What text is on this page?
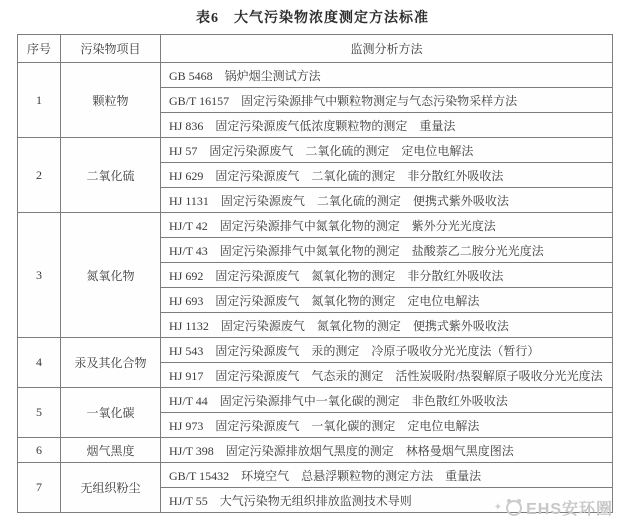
表6　大气污染物浓度测定方法标准
序号	污染物项目	监测分析方法
1	颗粒物	GB 5468　锅炉烟尘测试方法
		GB/T 16157　固定污染源排气中颗粒物测定与气态污染物采样方法
		HJ 836　固定污染源废气低浓度颗粒物的测定　重量法
2	二氧化硫	HJ 57　固定污染源废气　二氧化硫的测定　定电位电解法
		HJ 629　固定污染源废气　二氧化硫的测定　非分散红外吸收法
		HJ 1131　固定污染源废气　二氧化硫的测定　便携式紫外吸收法
3	氮氧化物	HJ/T 42　固定污染源排气中氮氧化物的测定　紫外分光光度法
		HJ/T 43　固定污染源排气中氮氧化物的测定　盐酸萘乙二胺分光光度法
		HJ 692　固定污染源废气　氮氧化物的测定　非分散红外吸收法
		HJ 693　固定污染源废气　氮氧化物的测定　定电位电解法
		HJ 1132　固定污染源废气　氮氧化物的测定　便携式紫外吸收法
4	汞及其化合物	HJ 543　固定污染源废气　汞的测定　冷原子吸收分光光度法（暂行）
		HJ 917　固定污染源废气　气态汞的测定　活性炭吸附/热裂解原子吸收分光光度法
5	一氧化碳	HJ/T 44　固定污染源排气中一氧化碳的测定　非色散红外吸收法
		HJ 973　固定污染源废气　一氧化碳的测定　定电位电解法
6	烟气黑度	HJ/T 398　固定污染源排放烟气黑度的测定　林格曼烟气黑度图法
7	无组织粉尘	GB/T 15432　环境空气　总悬浮颗粒物的测定方法　重量法
		HJ/T 55　大气污染物无组织排放监测技术导则	✦ EHS安环圈
